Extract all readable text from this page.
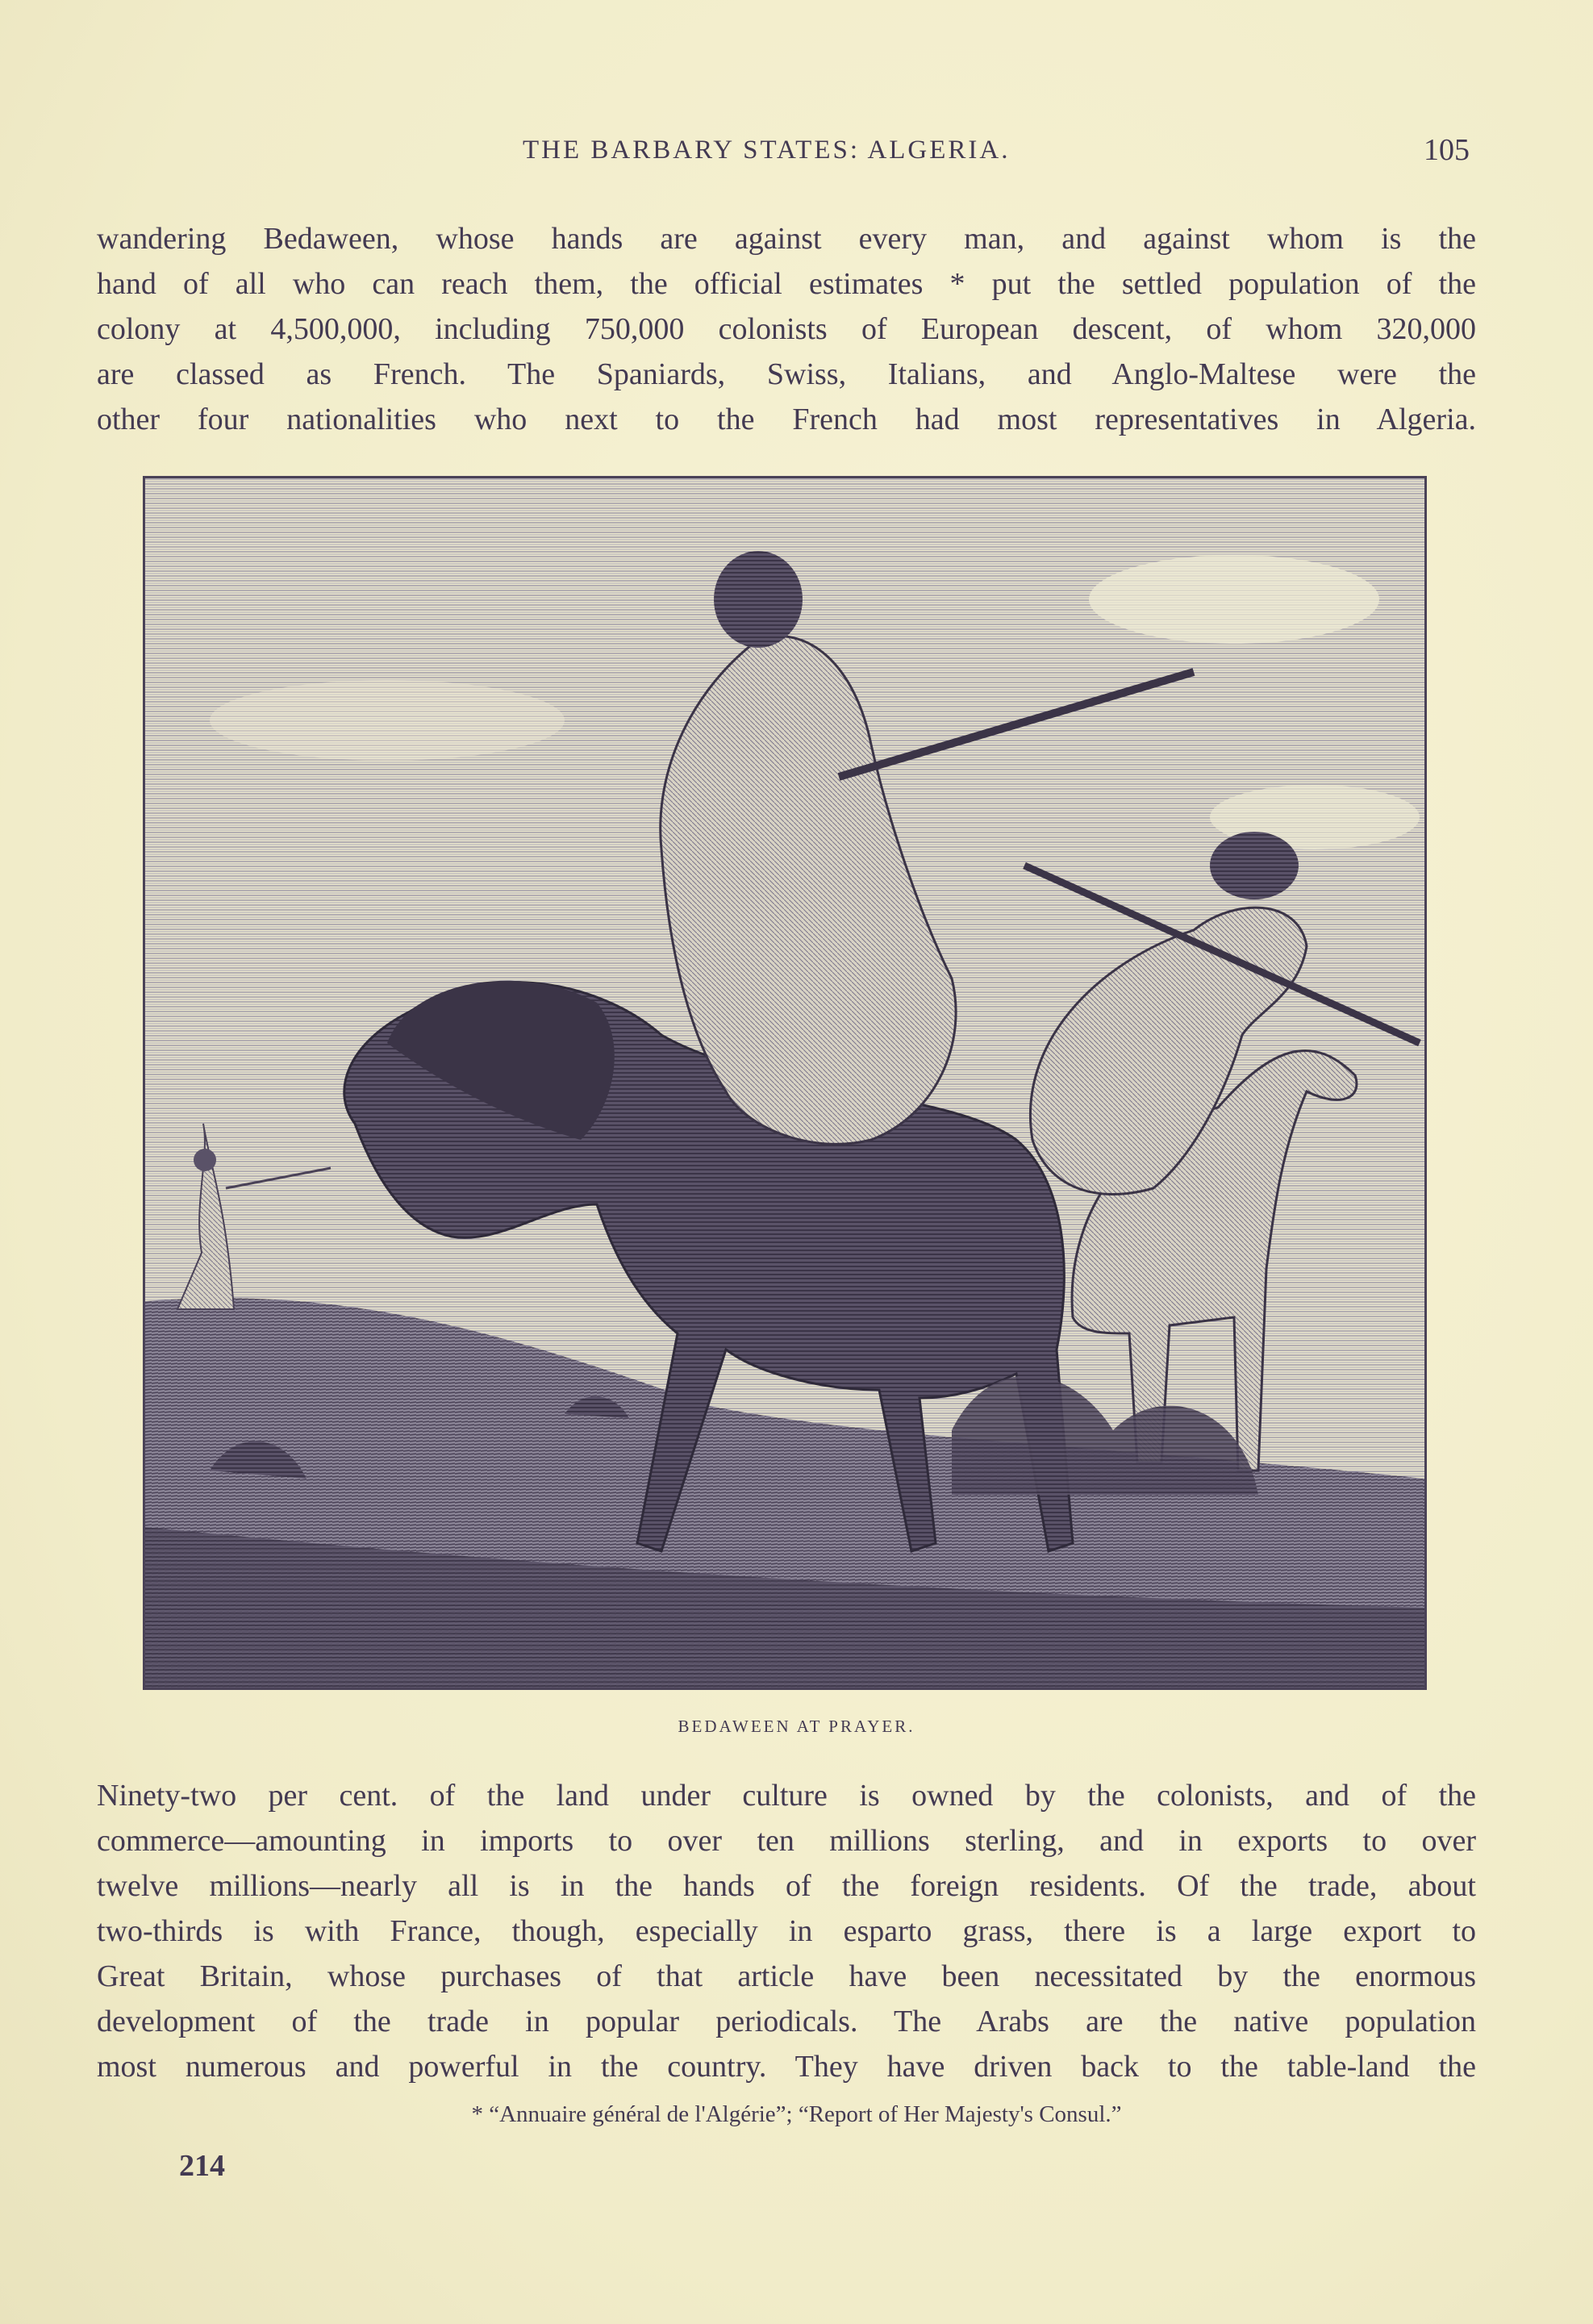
THE BARBARY STATES: ALGERIA.	105
wandering Bedaween, whose hands are against every man, and against whom is the
hand of all who can reach them, the official estimates * put the settled population of the
colony at 4,500,000, including 750,000 colonists of European descent, of whom 320,000
are classed as French. The Spaniards, Swiss, Italians, and Anglo-Maltese were the
other four nationalities who next to the French had most representatives in Algeria.
BEDAWEEN AT PRAYER.
Ninety-two per cent. of the land under culture is owned by the colonists, and of the
commerce—amounting in imports to over ten millions sterling, and in exports to over
twelve millions—nearly all is in the hands of the foreign residents. Of the trade, about
two-thirds is with France, though, especially in esparto grass, there is a large export to
Great Britain, whose purchases of that article have been necessitated by the enormous
development of the trade in popular periodicals. The Arabs are the native population
most numerous and powerful in the country. They have driven back to the table-land the
* “Annuaire général de l'Algérie”; “Report of Her Majesty's Consul.”
214
